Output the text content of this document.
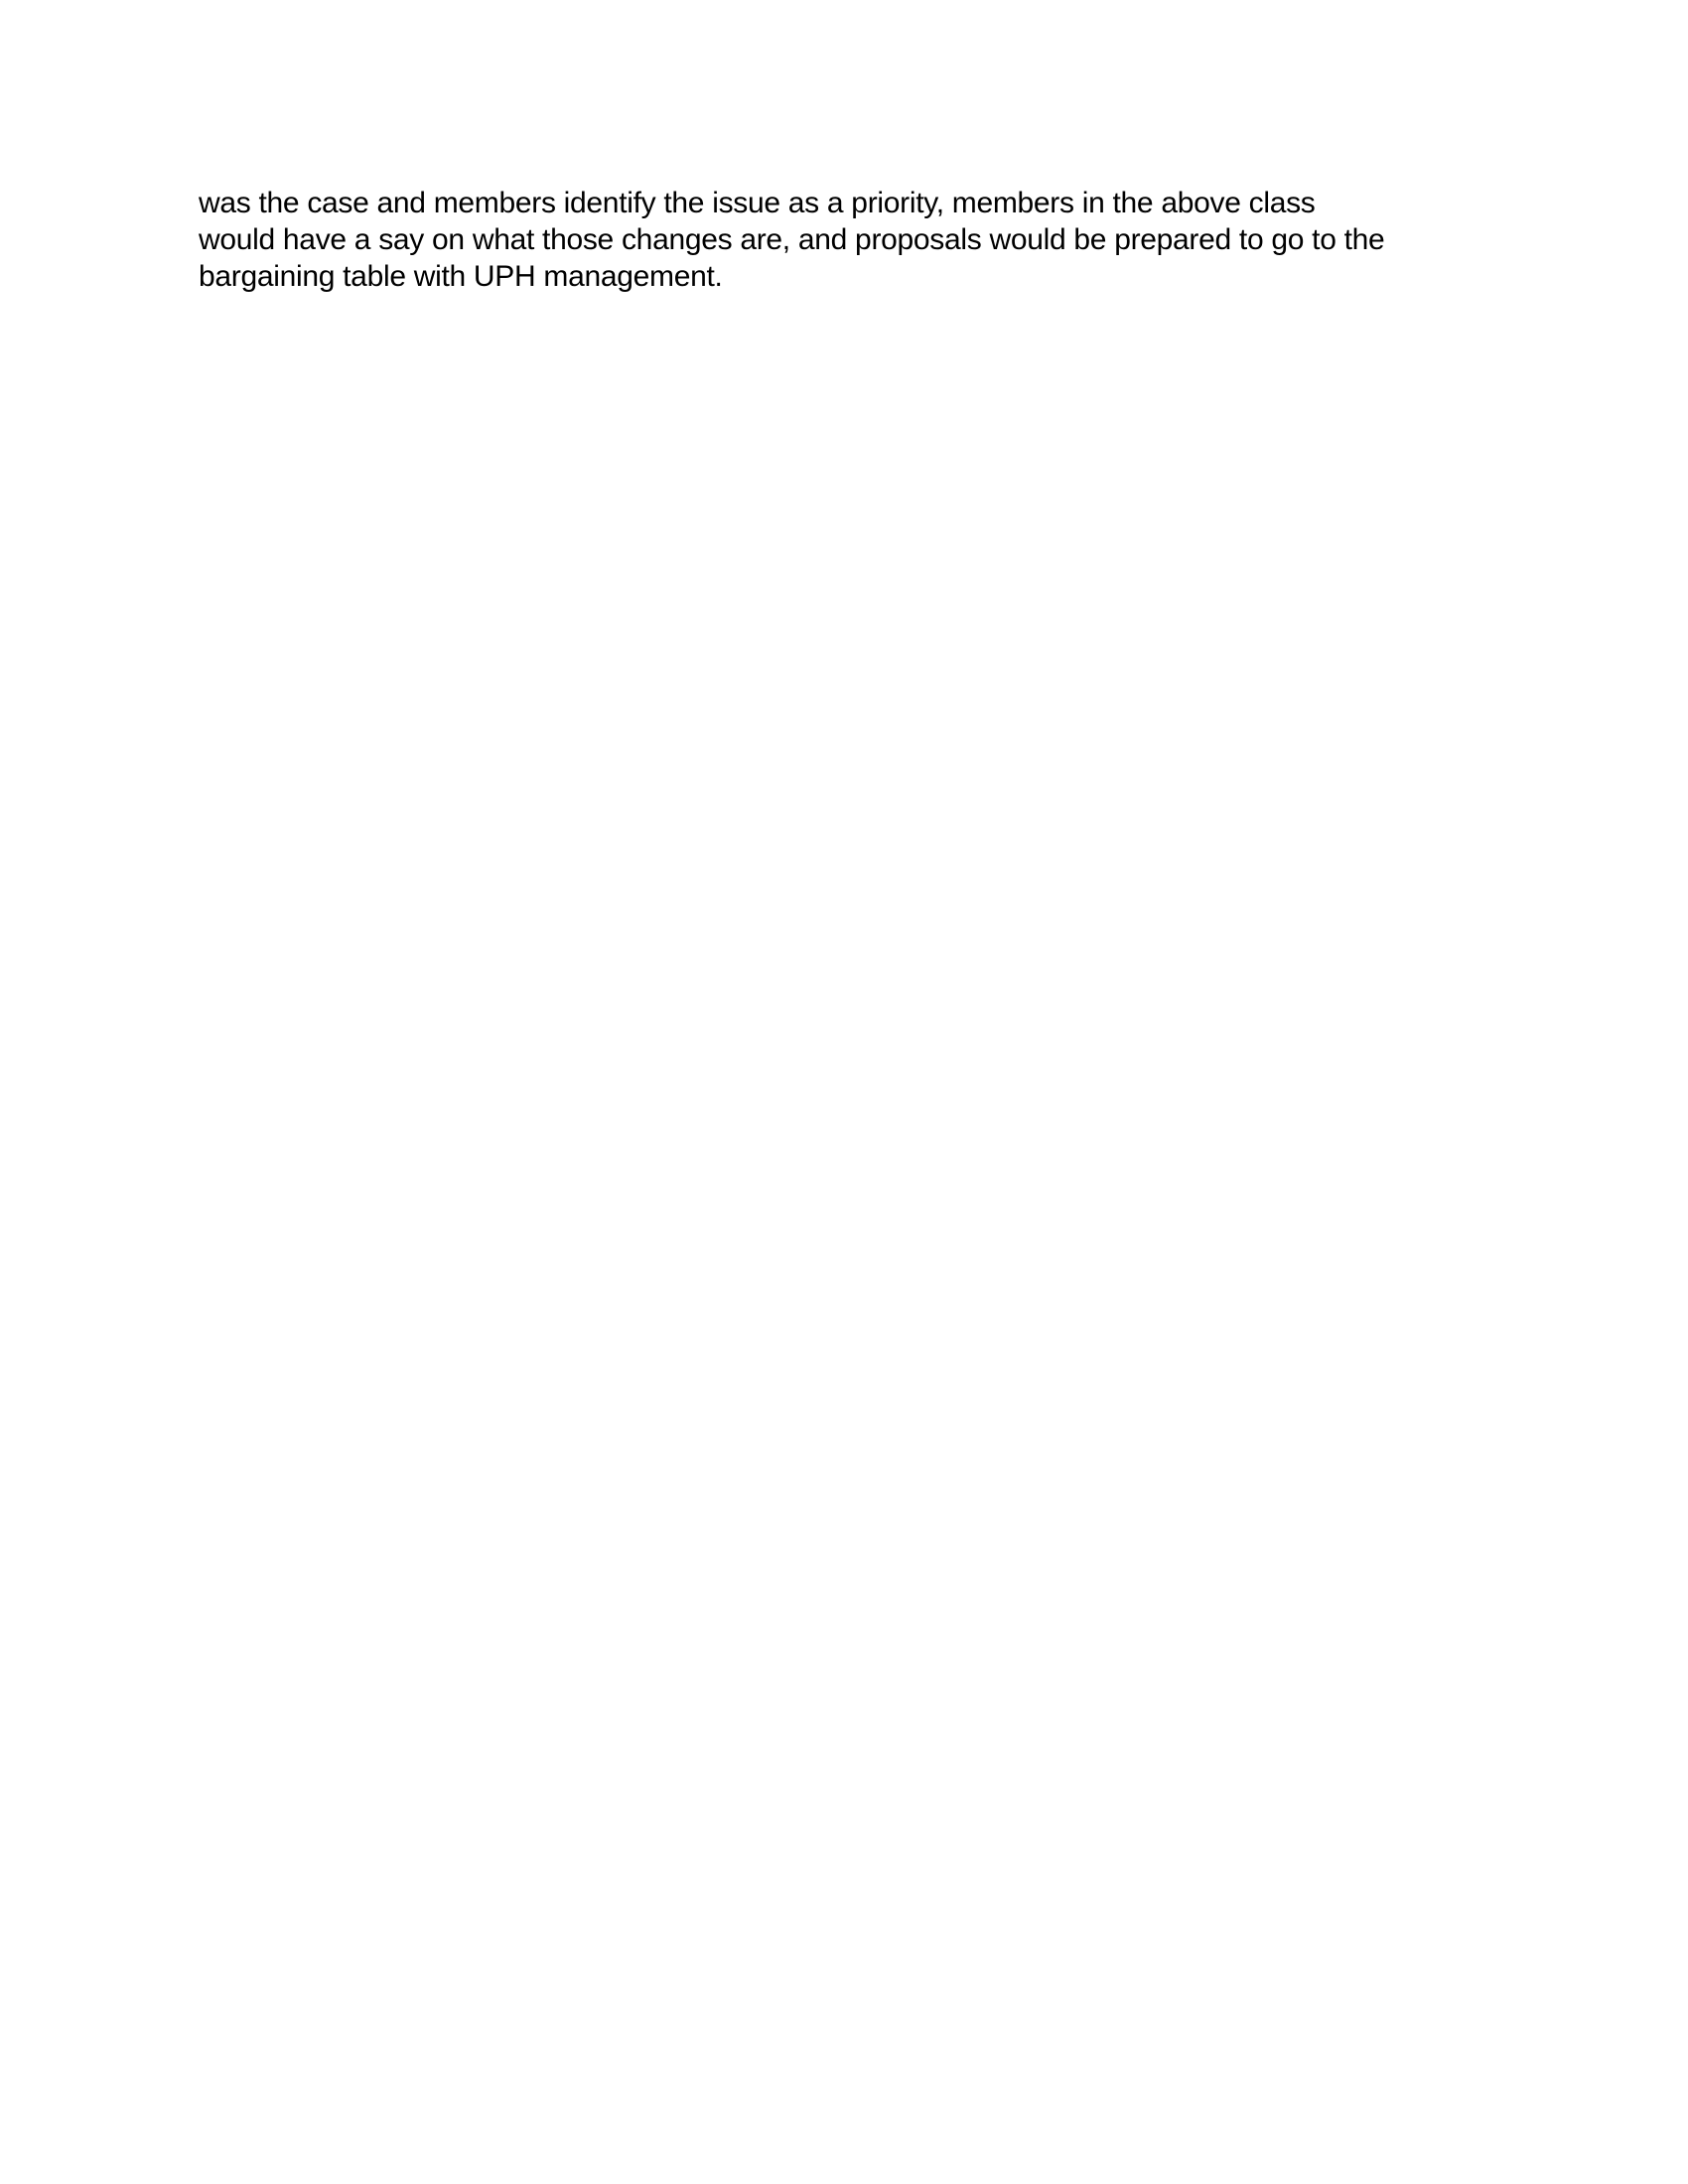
was the case and members identify the issue as a priority, members in the above class
would have a say on what those changes are, and proposals would be prepared to go to the
bargaining table with UPH management.
